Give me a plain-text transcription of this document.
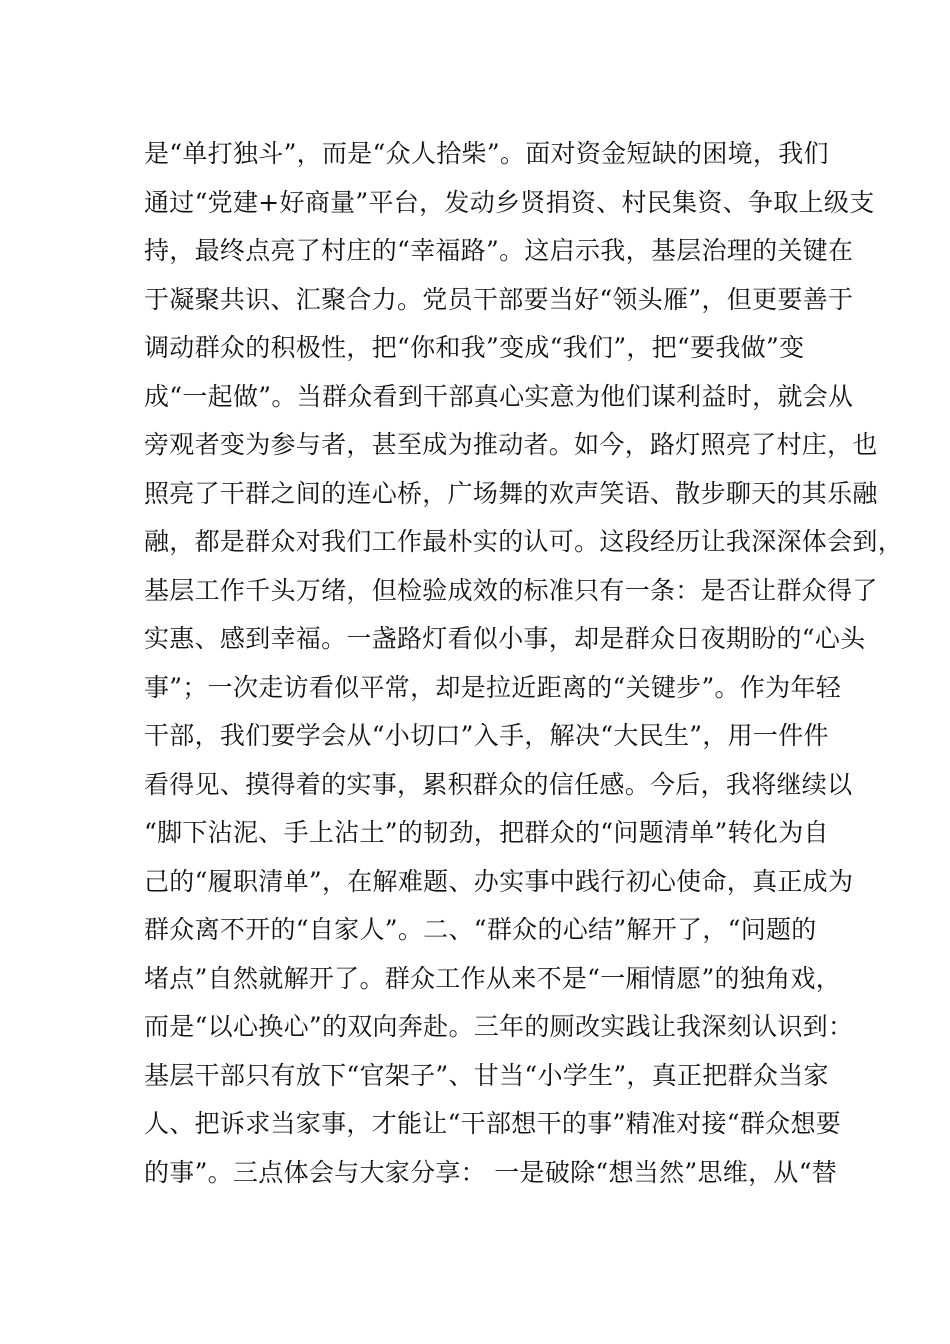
是“单打独斗”，而是“众人拾柴”。面对资金短缺的困境，我们
通过“党建+好商量”平台，发动乡贤捐资、村民集资、争取上级支
持，最终点亮了村庄的“幸福路”。这启示我，基层治理的关键在
于凝聚共识、汇聚合力。党员干部要当好“领头雁”，但更要善于
调动群众的积极性，把“你和我”变成“我们”，把“要我做”变
成“一起做”。当群众看到干部真心实意为他们谋利益时，就会从
旁观者变为参与者，甚至成为推动者。如今，路灯照亮了村庄，也
照亮了干群之间的连心桥，广场舞的欢声笑语、散步聊天的其乐融
融，都是群众对我们工作最朴实的认可。这段经历让我深深体会到，
基层工作千头万绪，但检验成效的标准只有一条：是否让群众得了
实惠、感到幸福。一盏路灯看似小事，却是群众日夜期盼的“心头
事”；一次走访看似平常，却是拉近距离的“关键步”。作为年轻
干部，我们要学会从“小切口”入手，解决“大民生”，用一件件
看得见、摸得着的实事，累积群众的信任感。今后，我将继续以
“脚下沾泥、手上沾土”的韧劲，把群众的“问题清单”转化为自
己的“履职清单”，在解难题、办实事中践行初心使命，真正成为
群众离不开的“自家人”。二、“群众的心结”解开了，“问题的
堵点”自然就解开了。群众工作从来不是“一厢情愿”的独角戏，
而是“以心换心”的双向奔赴。三年的厕改实践让我深刻认识到：
基层干部只有放下“官架子”、甘当“小学生”，真正把群众当家
人、把诉求当家事，才能让“干部想干的事”精准对接“群众想要
的事”。三点体会与大家分享： 一是破除“想当然”思维，从“替
